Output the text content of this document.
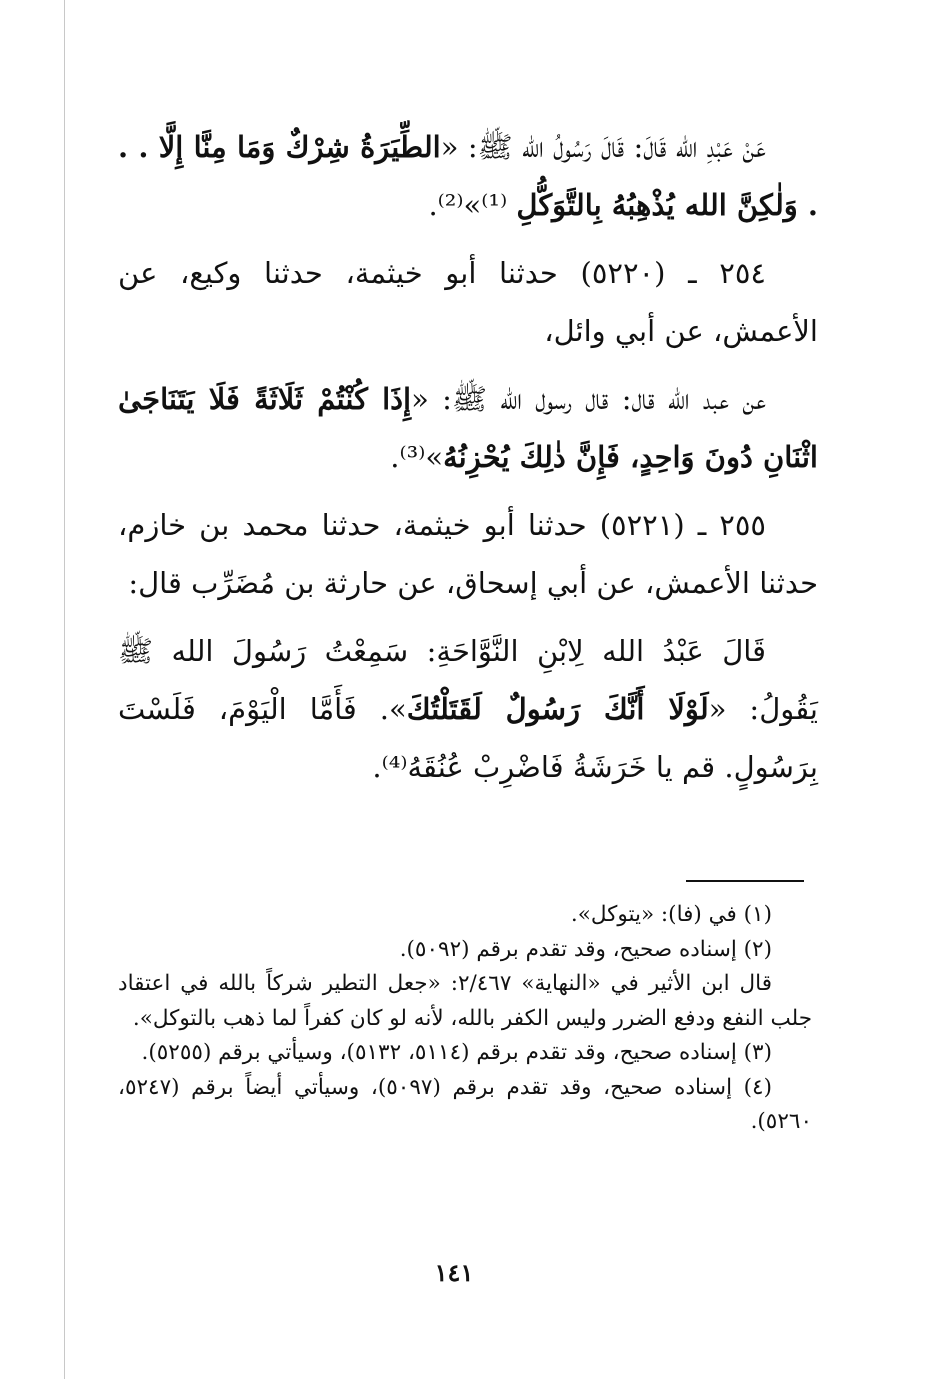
عَنْ عَبْدِ الله قَالَ: قَالَ رَسُولُ الله ﷺ: «الطِّيَرَةُ شِرْكٌ وَمَا مِنَّا إِلَّا . . . وَلٰكِنَّ الله يُذْهِبُهُ بِالتَّوَكُّلِ ⁽¹⁾»⁽²⁾.

٢٥٤ ـ (٥٢٢٠) حدثنا أبو خيثمة، حدثنا وكيع، عن الأعمش، عن أبي وائل،

عن عبد الله قال: قال رسول الله ﷺ: «إِذَا كُنْتُمْ ثَلَاثَةً فَلَا يَتَنَاجَىٰ اثْنَانِ دُونَ وَاحِدٍ، فَإِنَّ ذٰلِكَ يُحْزِنُهُ»⁽³⁾.

٢٥٥ ـ (٥٢٢١) حدثنا أبو خيثمة، حدثنا محمد بن خازم، حدثنا الأعمش، عن أبي إسحاق، عن حارثة بن مُضَرِّب قال:

قَالَ عَبْدُ الله لِابْنِ النَّوَّاحَةِ: سَمِعْتُ رَسُولَ الله ﷺ يَقُولُ: «لَوْلَا أَنَّكَ رَسُولٌ لَقَتَلْتُكَ». فَأَمَّا الْيَوْمَ، فَلَسْتَ بِرَسُولٍ. قم يا خَرَشَةُ فَاضْرِبْ عُنُقَهُ⁽⁴⁾.

(١) في (فا): «يتوكل».

(٢) إسناده صحيح، وقد تقدم برقم (٥٠٩٢).

قال ابن الأثير في «النهاية» ٢/٤٦٧: «جعل التطير شركاً بالله في اعتقاد جلب النفع ودفع الضرر وليس الكفر بالله، لأنه لو كان كفراً لما ذهب بالتوكل».

(٣) إسناده صحيح، وقد تقدم برقم (٥١١٤، ٥١٣٢)، وسيأتي برقم (٥٢٥٥).

(٤) إسناده صحيح، وقد تقدم برقم (٥٠٩٧)، وسيأتي أيضاً برقم (٥٢٤٧، ٥٢٦٠).

١٤١
